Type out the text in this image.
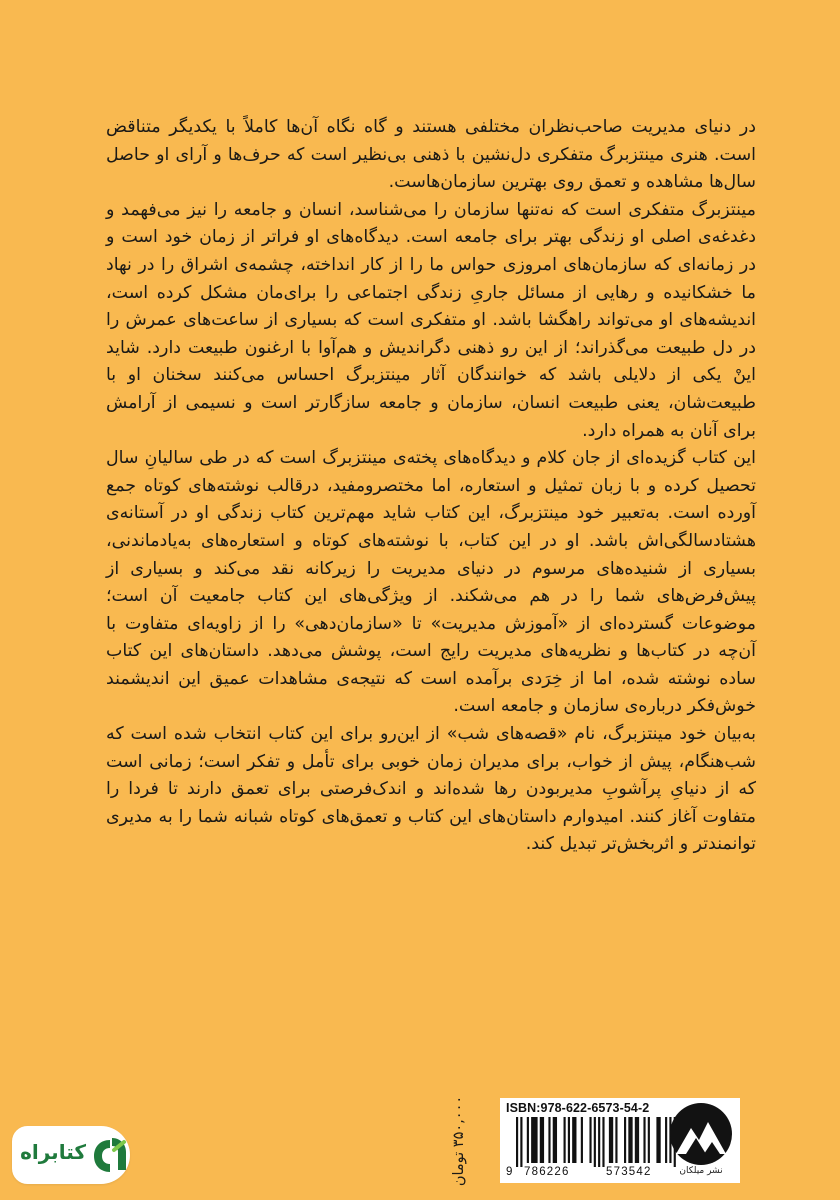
در دنیای مدیریت صاحب‌نظران مختلفی هستند و گاه نگاه آن‌ها کاملاً با یکدیگر متناقض است. هنری مینتزبرگ متفکری دل‌نشین با ذهنی بی‌نظیر است که حرف‌ها و آرای او حاصل سال‌ها مشاهده و تعمق روی بهترین سازمان‌هاست.

مینتزبرگ متفکری است که نه‌تنها سازمان را می‌شناسد، انسان و جامعه را نیز می‌فهمد و دغدغه‌ی اصلی او زندگی بهتر برای جامعه است. دیدگاه‌های او فراتر از زمان خود است و در زمانه‌ای که سازمان‌های امروزی حواس ما را از کار انداخته، چشمه‌ی اشراق را در نهاد ما خشکانیده و رهایی از مسائل جاریِ زندگی اجتماعی را برای‌مان مشکل کرده است، اندیشه‌های او می‌تواند راهگشا باشد. او متفکری است که بسیاری از ساعت‌های عمرش را در دل طبیعت می‌گذراند؛ از این رو ذهنی دگراندیش و هم‌آوا با ارغنون طبیعت دارد. شاید اینْ یکی از دلایلی باشد که خوانندگان آثار مینتزبرگ احساس می‌کنند سخنان او با طبیعت‌شان، یعنی طبیعت انسان، سازمان و جامعه سازگارتر است و نسیمی از آرامش برای آنان به همراه دارد.

این کتاب گزیده‌ای از جان کلام و دیدگاه‌های پخته‌ی مینتزبرگ است که در طی سالیانِ سال تحصیل کرده و با زبان تمثیل و استعاره، اما مختصرومفید، درقالب نوشته‌های کوتاه جمع آورده است. به‌تعبیر خود مینتزبرگ، این کتاب شاید مهم‌ترین کتاب زندگی او در آستانه‌ی هشتادسالگی‌اش باشد. او در این کتاب، با نوشته‌های کوتاه و استعاره‌های به‌یادماندنی، بسیاری از شنیده‌های مرسوم در دنیای مدیریت را زیرکانه نقد می‌کند و بسیاری از پیش‌فرض‌های شما را در هم می‌شکند. از ویژگی‌های این کتاب جامعیت آن است؛ موضوعات گسترده‌ای از «آموزش مدیریت» تا «سازمان‌دهی» را از زاویه‌ای متفاوت با آن‌چه در کتاب‌ها و نظریه‌های مدیریت رایج است، پوشش می‌دهد. داستان‌های این کتاب ساده نوشته شده، اما از خِرَدی برآمده است که نتیجه‌ی مشاهدات عمیق این اندیشمند خوش‌فکر درباره‌ی سازمان و جامعه است.

به‌بیان خود مینتزبرگ، نام «قصه‌های شب» از این‌رو برای این کتاب انتخاب شده است که شب‌هنگام، پیش از خواب، برای مدیران زمان خوبی برای تأمل و تفکر است؛ زمانی است که از دنیایِ پرآشوبِ مدیربودن رها شده‌اند و اندک‌فرصتی برای تعمق دارند تا فردا را متفاوت آغاز کنند. امیدوارم داستان‌های این کتاب و تعمق‌های کوتاه شبانه شما را به مدیری توانمندتر و اثربخش‌تر تبدیل کند.

۳۵۰,۰۰۰ تومان	ISBN:978-622-6573-54-2
9 786226	573542	نشر میلکان
کتابراه
